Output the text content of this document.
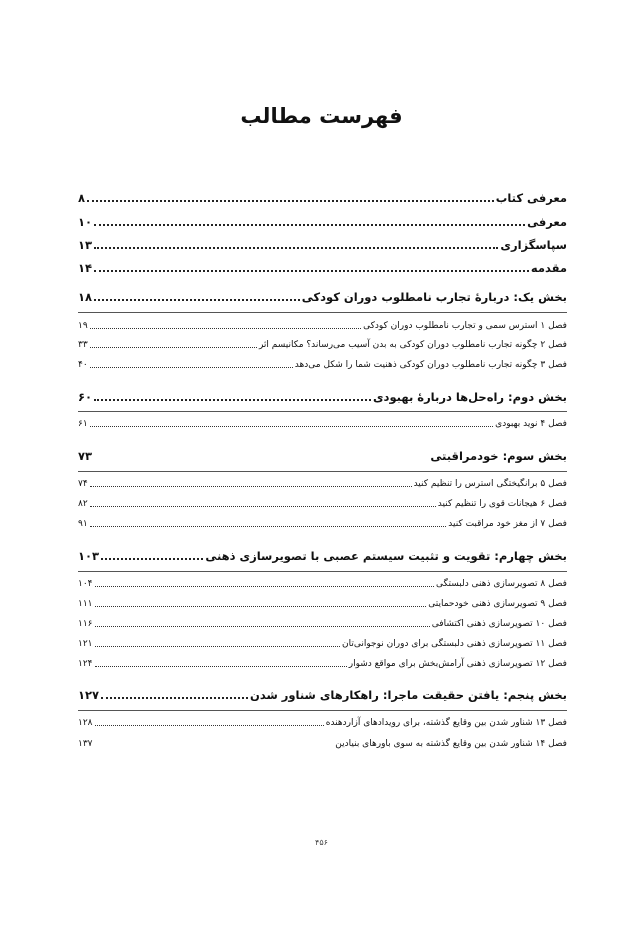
فهرست مطالب
معرفی کتاب
۸
معرفی
۱۰
سپاسگزاری
۱۳
مقدمه
۱۴
بخش یک: دربارۀ تجارب نامطلوب دوران کودکی
۱۸
فصل ۱ استرس سمی و تجارب نامطلوب دوران کودکی
۱۹
فصل ۲ چگونه تجارب نامطلوب دوران کودکی به بدن آسیب می‌رساند؟ مکانیسم اثر
۳۳
فصل ۳ چگونه تجارب نامطلوب دوران کودکی ذهنیت شما را شکل می‌دهد
۴۰
بخش دوم: راه‌حل‌ها دربارۀ بهبودی
۶۰
فصل ۴ نوید بهبودی
۶۱
بخش سوم: خودمراقبتی
۷۳
فصل ۵ برانگیختگی استرس را تنظیم کنید
۷۴
فصل ۶ هیجانات قوی را تنظیم کنید
۸۲
فصل ۷ از مغز خود مراقبت کنید
۹۱
بخش چهارم: تقویت و تثبیت سیستم عصبی با تصویرسازی ذهنی
۱۰۳
فصل ۸ تصویرسازی ذهنی دلبستگی
۱۰۴
فصل ۹ تصویرسازی ذهنی خودحمایتی
۱۱۱
فصل ۱۰ تصویرسازی ذهنی اکتشافی
۱۱۶
فصل ۱۱ تصویرسازی ذهنی دلبستگی برای دوران نوجوانی‌تان
۱۲۱
فصل ۱۲ تصویرسازی ذهنی آرامش‌بخش برای مواقع دشوار
۱۲۴
بخش پنجم: یافتن حقیقت ماجرا: راهکارهای شناور شدن
۱۲۷
فصل ۱۳ شناور شدن بین وقایع گذشته، برای رویدادهای آزاردهنده
۱۲۸
فصل ۱۴ شناور شدن بین وقایع گذشته به سوی باورهای بنیادین
۱۳۷
۴۵۶
